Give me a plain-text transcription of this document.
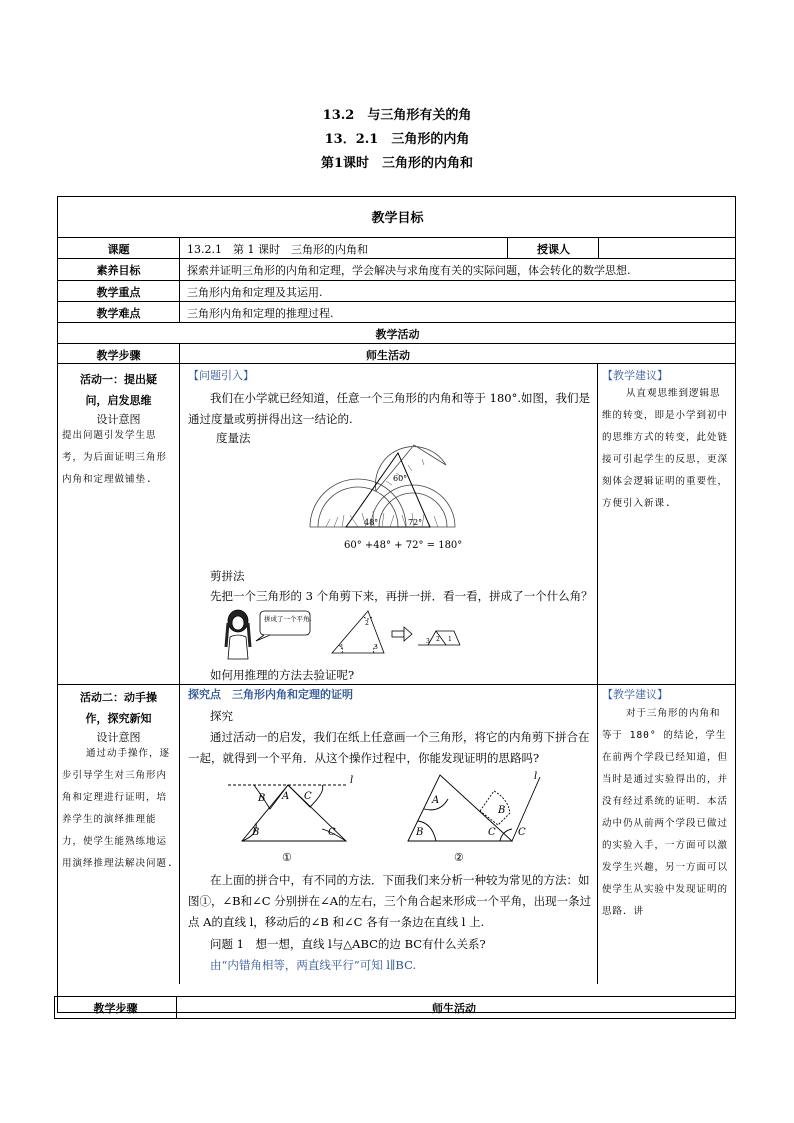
13.2　与三角形有关的角
13．2.1　三角形的内角
第1课时　三角形的内角和
教学目标
课题	13.2.1　第 1 课时　三角形的内角和	授课人
素养目标	探索并证明三角形的内角和定理，学会解决与求角度有关的实际问题，体会转化的数学思想.
教学重点	三角形内角和定理及其运用.
教学难点	三角形内角和定理的推理过程.
教学活动
教学步骤	师生活动
活动一：提出疑
问，启发思维
设计意图
提出问题引发学生思考，为后面证明三角形内角和定理做铺垫.
【问题引入】
我们在小学就已经知道，任意一个三角形的内角和等于 180°.如图，我们是通过度量或剪拼得出这一结论的.
度量法
48°
60°
72°
60° +48° + 72° = 180°
剪拼法
先把一个三角形的 3 个角剪下来，再拼一拼．看一看，拼成了一个什么角？
1
2
3
3 2 1
拼成了一个平角.
如何用推理的方法去验证呢?
【教学建议】
从直观思维到逻辑思维的转变，即是小学到初中的思维方式的转变，此处链接可引起学生的反思，更深刻体会逻辑证明的重要性，方便引入新课.
活动二：动手操
作，探究新知
设计意图
通过动手操作，逐步引导学生对三角形内角和定理进行证明，培养学生的演绎推理能力，使学生能熟练地运用演绎推理法解决问题.
探究点　三角形内角和定理的证明
探究
通过活动一的启发，我们在纸上任意画一个三角形，将它的内角剪下拼合在一起，就得到一个平角．从这个操作过程中，你能发现证明的思路吗?
l
B A C
B	C
①
l
A
B	C
B
C
②
在上面的拼合中，有不同的方法．下面我们来分析一种较为常见的方法：如图①，∠B和∠C 分别拼在∠A的左右，三个角合起来形成一个平角，出现一条过点 A的直线 l，移动后的∠B 和∠C 各有一条边在直线 l 上.
问题 1　想一想，直线 l与△ABC的边 BC有什么关系?
由“内错角相等，两直线平行”可知 l∥BC.
【教学建议】
对于三角形的内角和等于 180° 的结论，学生在前两个学段已经知道，但当时是通过实验得出的，并没有经过系统的证明．本活动中仍从前两个学段已做过的实验入手，一方面可以激发学生兴趣，另一方面可以使学生从实验中发现证明的思路．讲
教学步骤	师生活动
